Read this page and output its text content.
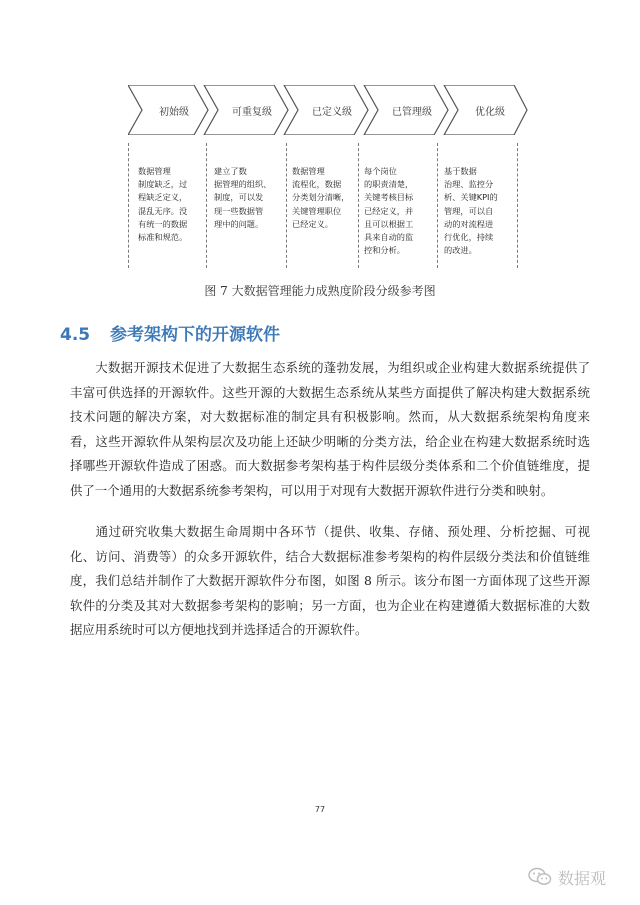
初始级	可重复级	已定义级	已管理级	优化级
数据管理
制度缺乏，过
程缺乏定义，
混乱无序。没
有统一的数据
标准和规范。
建立了数
据管理的组织、
制度，可以发
现一些数据管
理中的问题。
数据管理
流程化，数据
分类划分清晰，
关键管理职位
已经定义。
每个岗位
的职责清楚，
关键考核目标
已经定义，并
且可以根据工
具来自动的监
控和分析。
基于数据
治理、监控分
析、关键KPI的
管理，可以自
动的对流程进
行优化，持续
的改进。
图 7 大数据管理能力成熟度阶段分级参考图
4.5 参考架构下的开源软件
大数据开源技术促进了大数据生态系统的蓬勃发展，为组织或企业构建大数据系统提供了丰富可供选择的开源软件。这些开源的大数据生态系统从某些方面提供了解决构建大数据系统技术问题的解决方案，对大数据标准的制定具有积极影响。然而，从大数据系统架构角度来看，这些开源软件从架构层次及功能上还缺少明晰的分类方法，给企业在构建大数据系统时选择哪些开源软件造成了困惑。而大数据参考架构基于构件层级分类体系和二个价值链维度，提供了一个通用的大数据系统参考架构，可以用于对现有大数据开源软件进行分类和映射。
通过研究收集大数据生命周期中各环节（提供、收集、存储、预处理、分析挖掘、可视化、访问、消费等）的众多开源软件，结合大数据标准参考架构的构件层级分类法和价值链维度，我们总结并制作了大数据开源软件分布图，如图 8 所示。该分布图一方面体现了这些开源软件的分类及其对大数据参考架构的影响；另一方面，也为企业在构建遵循大数据标准的大数据应用系统时可以方便地找到并选择适合的开源软件。
77
数据观
